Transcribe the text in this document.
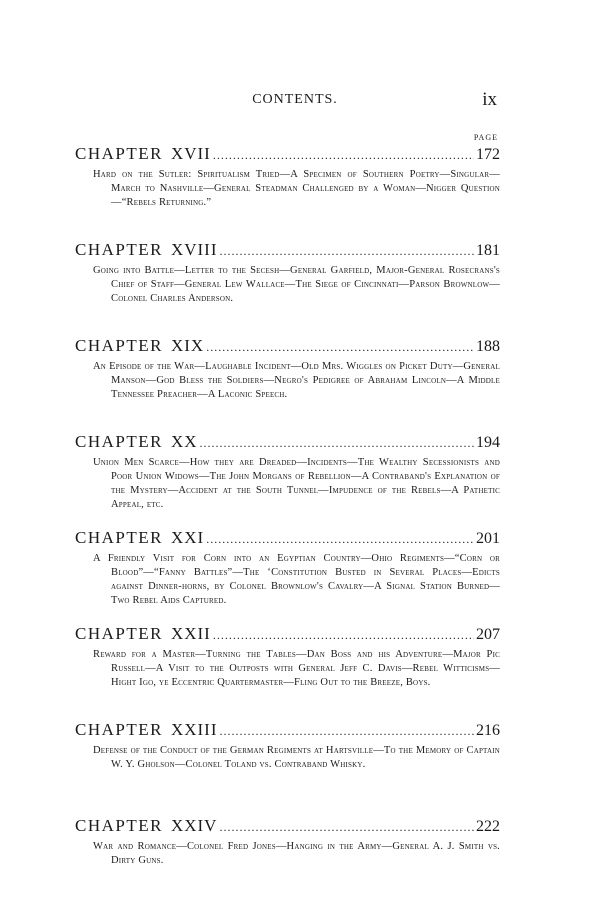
CONTENTS.	ix
PAGE
CHAPTER XVII .....	172
Hard on the Sutler: Spiritualism Tried—A Specimen of Southern Poetry—Singular—March to Nashville—General Steadman Challenged by a Woman—Nigger Question—“Rebels Returning.”
CHAPTER XVIII .....	181
Going into Battle—Letter to the Secesh—General Garfield, Major-General Rosecrans's Chief of Staff—General Lew Wallace—The Siege of Cincinnati—Parson Brownlow—Colonel Charles Anderson.
CHAPTER XIX .....	188
An Episode of the War—Laughable Incident—Old Mrs. Wiggles on Picket Duty—General Manson—God Bless the Soldiers—Negro's Pedigree of Abraham Lincoln—A Middle Tennessee Preacher—A Laconic Speech.
CHAPTER XX .....	194
Union Men Scarce—How they are Dreaded—Incidents—The Wealthy Secessionists and Poor Union Widows—The John Morgans of Rebellion—A Contraband's Explanation of the Mystery—Accident at the South Tunnel—Impudence of the Rebels—A Pathetic Appeal, etc.
CHAPTER XXI .....	201
A Friendly Visit for Corn into an Egyptian Country—Ohio Regiments—“Corn or Blood”—“Fanny Battles”—The ‘Constitution Busted in Several Places—Edicts against Dinner-horns, by Colonel Brownlow's Cavalry—A Signal Station Burned—Two Rebel Aids Captured.
CHAPTER XXII .....	207
Reward for a Master—Turning the Tables—Dan Boss and his Adventure—Major Pic Russell—A Visit to the Outposts with General Jeff C. Davis—Rebel Witticisms—Hight Igo, ye Eccentric Quartermaster—Fling Out to the Breeze, Boys.
CHAPTER XXIII .....	216
Defense of the Conduct of the German Regiments at Hartsville—To the Memory of Captain W. Y. Gholson—Colonel Toland vs. Contraband Whisky.
CHAPTER XXIV .....	222
War and Romance—Colonel Fred Jones—Hanging in the Army—General A. J. Smith vs. Dirty Guns.
